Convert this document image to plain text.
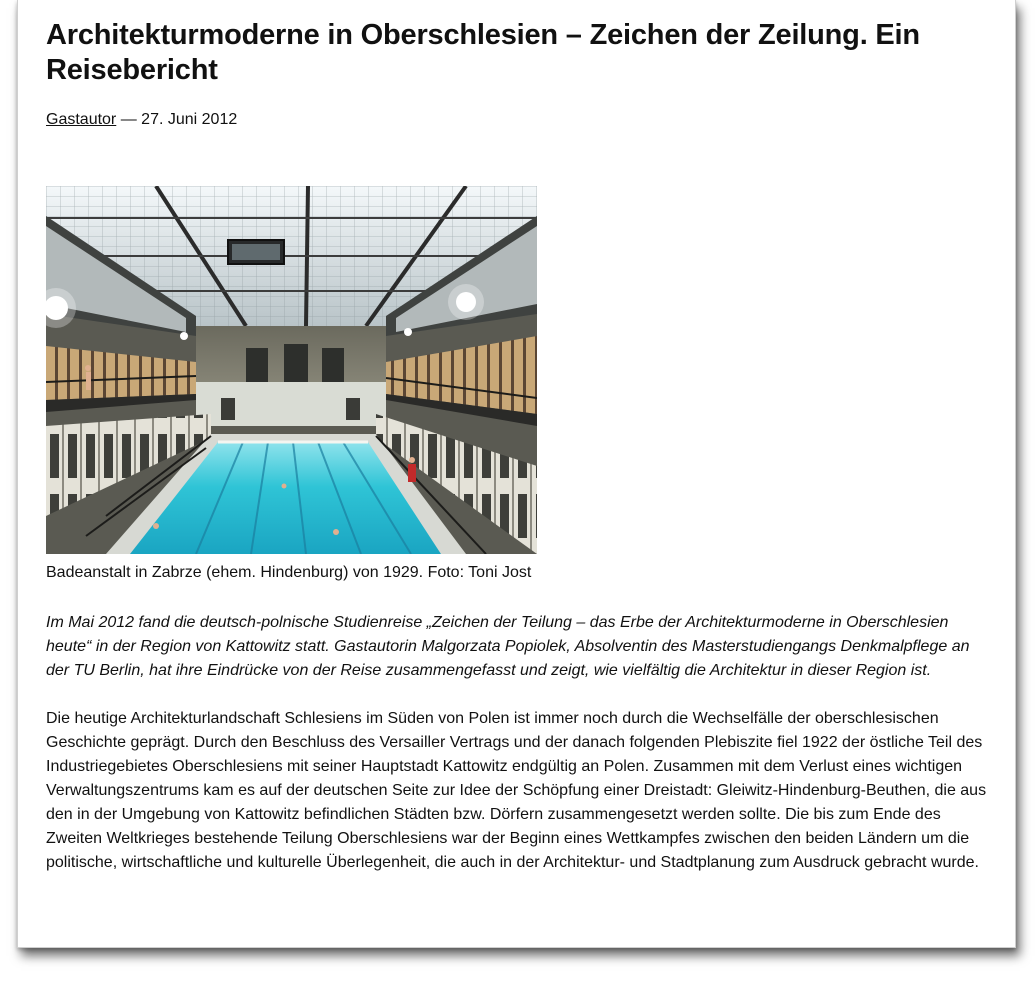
Architekturmoderne in Oberschlesien – Zeichen der Zeilung. Ein Reisebericht
Gastautor — 27. Juni 2012
Badeanstalt in Zabrze (ehem. Hindenburg) von 1929. Foto: Toni Jost

Im Mai 2012 fand die deutsch-polnische Studienreise „Zeichen der Teilung – das Erbe der Architekturmoderne in Oberschlesien heute“ in der Region von Kattowitz statt. Gastautorin Malgorzata Popiolek, Absolventin des Masterstudiengangs Denkmalpflege an der TU Berlin, hat ihre Eindrücke von der Reise zusammengefasst und zeigt, wie vielfältig die Architektur in dieser Region ist.

Die heutige Architekturlandschaft Schlesiens im Süden von Polen ist immer noch durch die Wechselfälle der oberschlesischen Geschichte geprägt. Durch den Beschluss des Versailler Vertrags und der danach folgenden Plebiszite fiel 1922 der östliche Teil des Industriegebietes Oberschlesiens mit seiner Hauptstadt Kattowitz endgültig an Polen. Zusammen mit dem Verlust eines wichtigen Verwaltungszentrums kam es auf der deutschen Seite zur Idee der Schöpfung einer Dreistadt: Gleiwitz-Hindenburg-Beuthen, die aus den in der Umgebung von Kattowitz befindlichen Städten bzw. Dörfern zusammengesetzt werden sollte. Die bis zum Ende des Zweiten Weltkrieges bestehende Teilung Oberschlesiens war der Beginn eines Wettkampfes zwischen den beiden Ländern um die politische, wirtschaftliche und kulturelle Überlegenheit, die auch in der Architektur- und Stadtplanung zum Ausdruck gebracht wurde.
